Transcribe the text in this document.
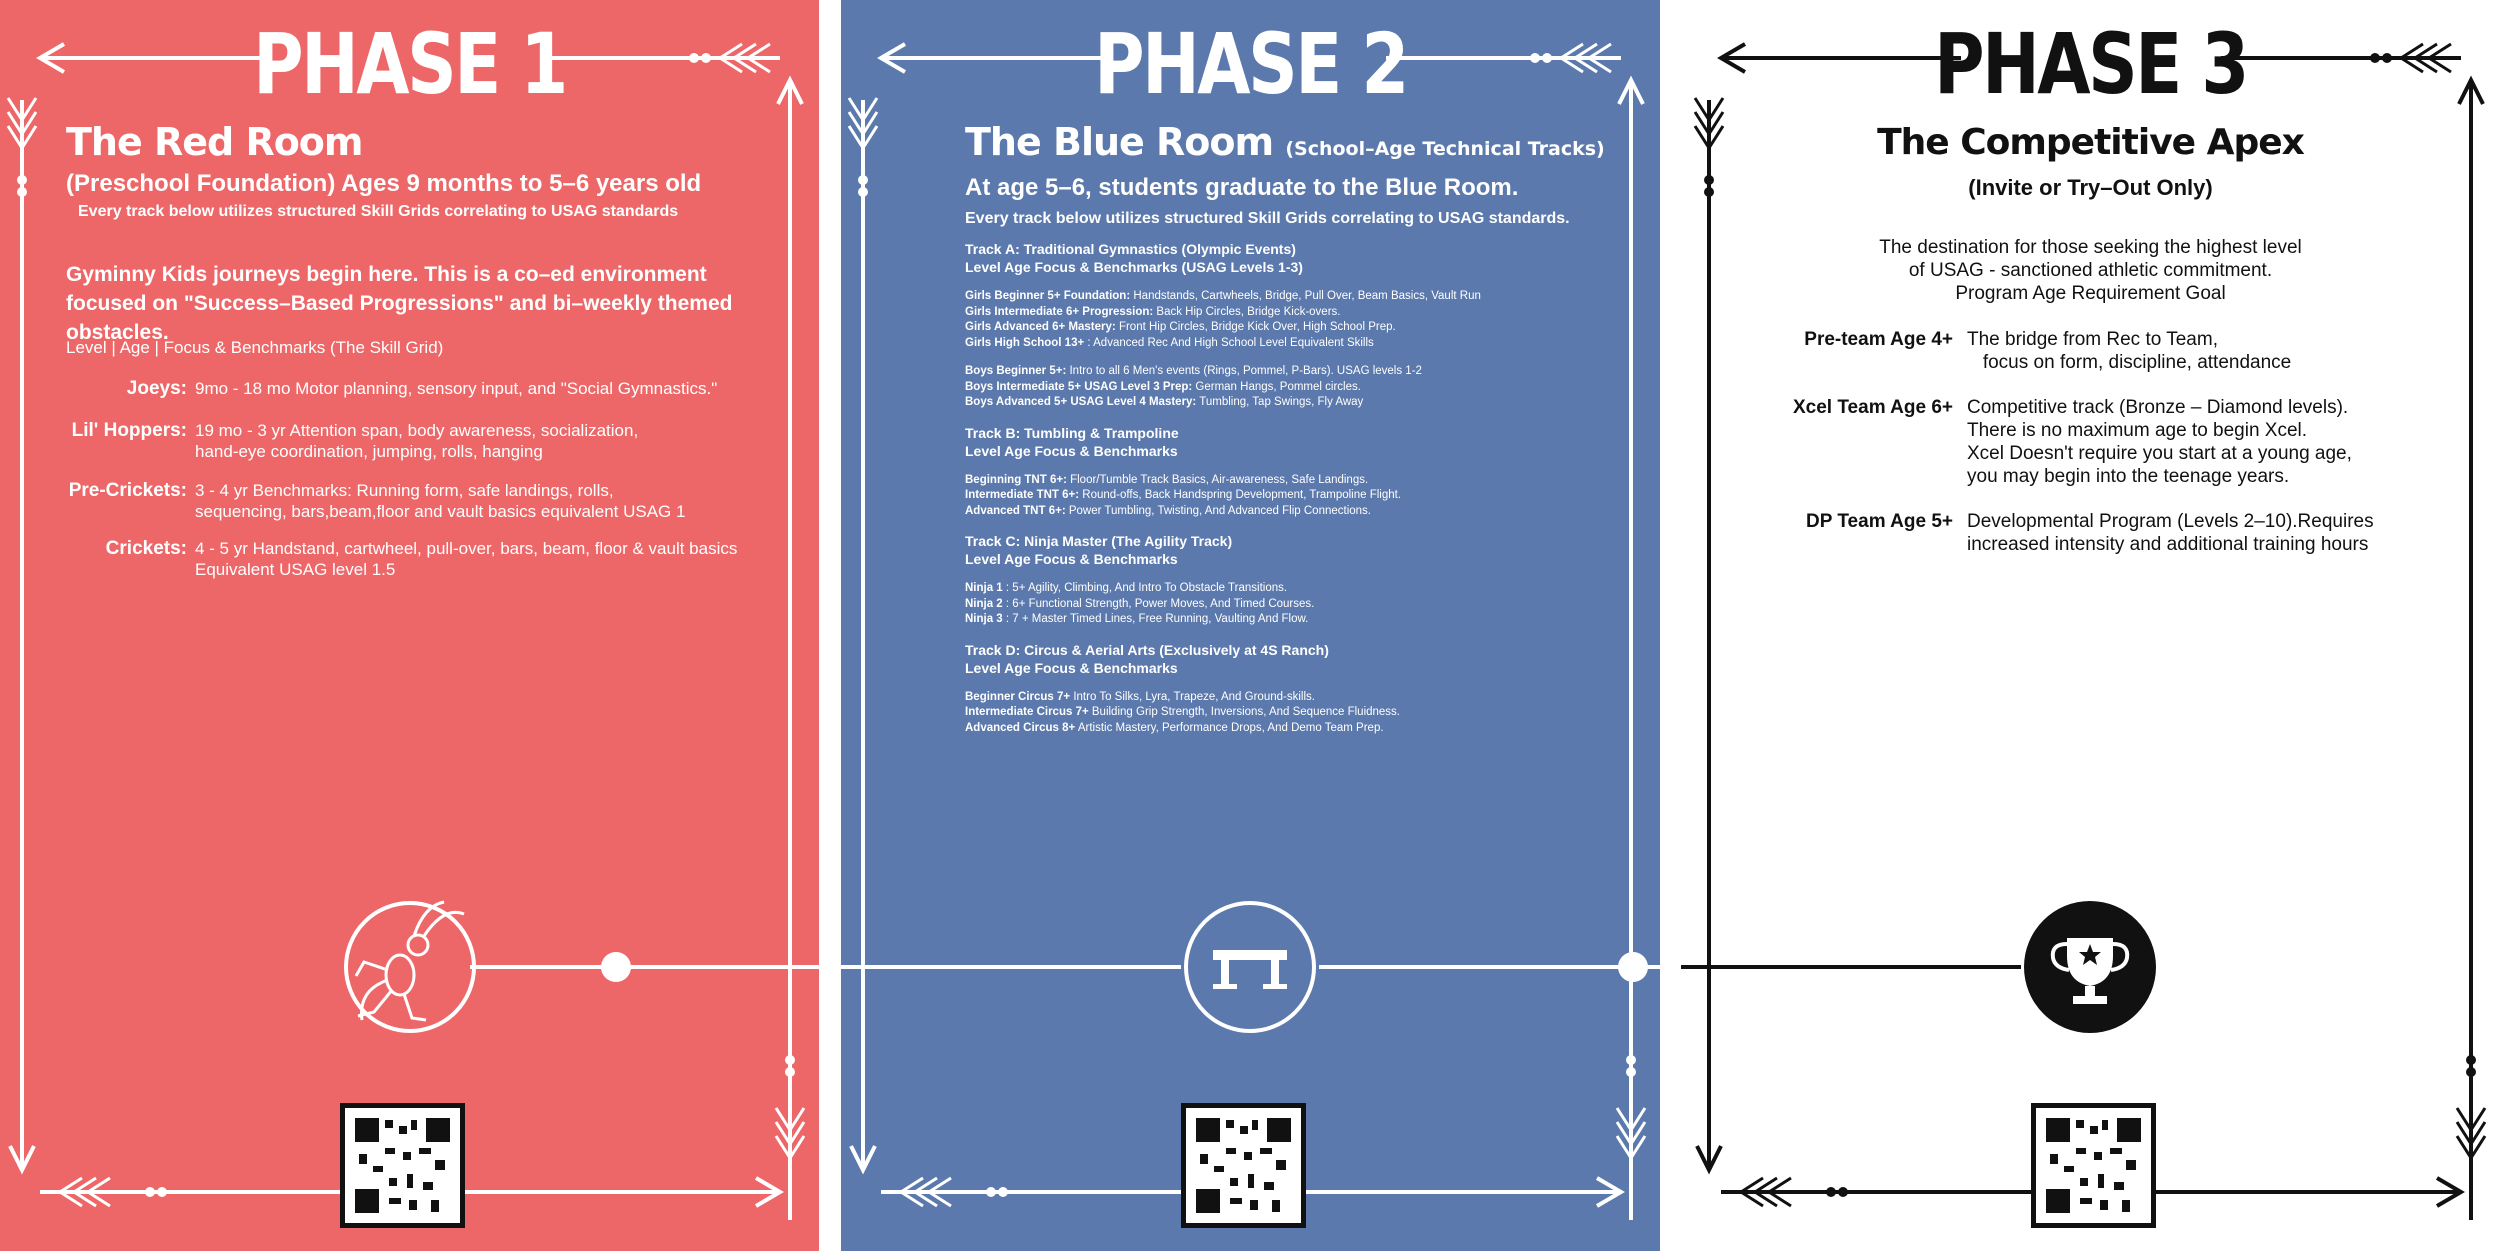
PHASE 1
The Red Room
(Preschool Foundation) Ages 9 months to 5–6 years old
Every track below utilizes structured Skill Grids correlating to USAG standards
Gyminny Kids journeys begin here. This is a co–ed environment focused on "Success–Based Progressions" and bi–weekly themed obstacles.
Level | Age | Focus & Benchmarks (The Skill Grid)
Joeys: 9mo - 18 mo Motor planning, sensory input, and "Social Gymnastics."
Lil' Hoppers: 19 mo - 3 yr Attention span, body awareness, socialization,
hand-eye coordination, jumping, rolls, hanging
Pre-Crickets: 3 - 4 yr Benchmarks: Running form, safe landings, rolls,
sequencing, bars,beam,floor and vault basics equivalent USAG 1
Crickets: 4 - 5 yr Handstand, cartwheel, pull-over, bars, beam, floor & vault basics
Equivalent USAG level 1.5
PHASE 2
The Blue Room (School–Age Technical Tracks)
At age 5–6, students graduate to the Blue Room.
Every track below utilizes structured Skill Grids correlating to USAG standards.
Track A: Traditional Gymnastics (Olympic Events)
Level Age Focus & Benchmarks (USAG Levels 1-3)
Girls Beginner 5+ Foundation: Handstands, Cartwheels, Bridge, Pull Over, Beam Basics, Vault Run
Girls Intermediate 6+ Progression: Back Hip Circles, Bridge Kick-overs.
Girls Advanced 6+ Mastery: Front Hip Circles, Bridge Kick Over, High School Prep.
Girls High School 13+ : Advanced Rec And High School Level Equivalent Skills
Boys Beginner 5+: Intro to all 6 Men's events (Rings, Pommel, P-Bars). USAG levels 1-2
Boys Intermediate 5+ USAG Level 3 Prep: German Hangs, Pommel circles.
Boys Advanced 5+ USAG Level 4 Mastery: Tumbling, Tap Swings, Fly Away
Track B: Tumbling & Trampoline
Level Age Focus & Benchmarks
Beginning TNT 6+: Floor/Tumble Track Basics, Air-awareness, Safe Landings.
Intermediate TNT 6+: Round-offs, Back Handspring Development, Trampoline Flight.
Advanced TNT 6+: Power Tumbling, Twisting, And Advanced Flip Connections.
Track C: Ninja Master (The Agility Track)
Level Age Focus & Benchmarks
Ninja 1 : 5+ Agility, Climbing, And Intro To Obstacle Transitions.
Ninja 2 : 6+ Functional Strength, Power Moves, And Timed Courses.
Ninja 3 : 7 + Master Timed Lines, Free Running, Vaulting And Flow.
Track D: Circus & Aerial Arts (Exclusively at 4S Ranch)
Level Age Focus & Benchmarks
Beginner Circus 7+ Intro To Silks, Lyra, Trapeze, And Ground-skills.
Intermediate Circus 7+ Building Grip Strength, Inversions, And Sequence Fluidness.
Advanced Circus 8+ Artistic Mastery, Performance Drops, And Demo Team Prep.
PHASE 3
The Competitive Apex
(Invite or Try–Out Only)
The destination for those seeking the highest level
of USAG - sanctioned athletic commitment.
Program Age Requirement Goal
Pre-team Age 4+ The bridge from Rec to Team,
focus on form, discipline, attendance
Xcel Team Age 6+ Competitive track (Bronze – Diamond levels).
There is no maximum age to begin Xcel.
Xcel Doesn't require you start at a young age,
you may begin into the teenage years.
DP Team Age 5+ Developmental Program (Levels 2–10).Requires
increased intensity and additional training hours
